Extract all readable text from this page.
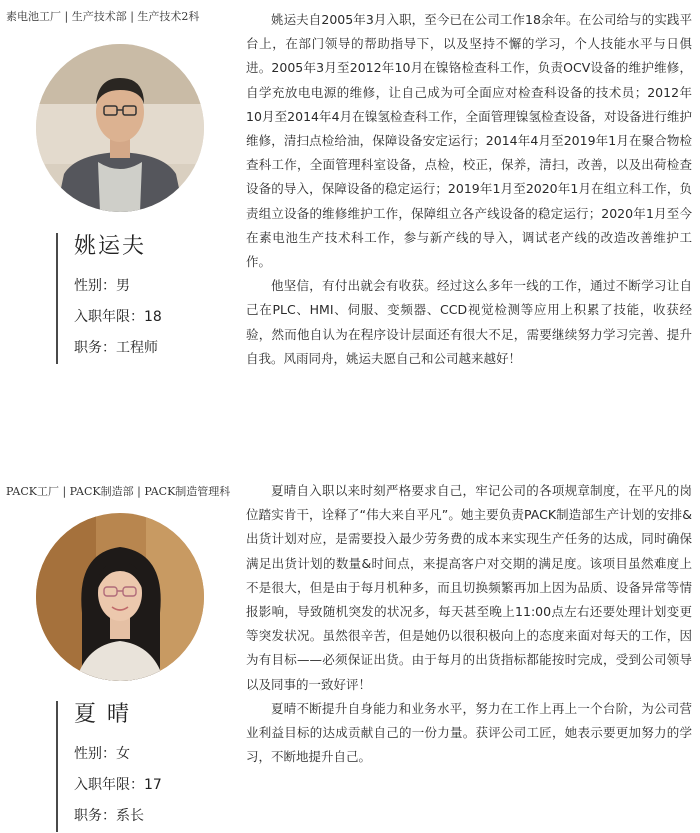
素电池工厂 | 生产技术部 | 生产技术2科
姚运夫
性别：男
入职年限：18
职务：工程师

姚运夫自2005年3月入职，至今已在公司工作18余年。在公司给与的实践平台上，在部门领导的帮助指导下，以及坚持不懈的学习，个人技能水平与日俱进。2005年3月至2012年10月在镍铬检查科工作，负责OCV设备的维护维修，自学充放电电源的维修，让自己成为可全面应对检查科设备的技术员；2012年10月至2014年4月在镍氢检查科工作，全面管理镍氢检查设备，对设备进行维护维修，清扫点检给油，保障设备安定运行；2014年4月至2019年1月在聚合物检查科工作，全面管理科室设备，点检，校正，保养，清扫，改善，以及出荷检查设备的导入，保障设备的稳定运行；2019年1月至2020年1月在组立科工作，负责组立设备的维修维护工作，保障组立各产线设备的稳定运行；2020年1月至今在素电池生产技术科工作，参与新产线的导入，调试老产线的改造改善维护工作。

他坚信，有付出就会有收获。经过这么多年一线的工作，通过不断学习让自己在PLC、HMI、伺服、变频器、CCD视觉检测等应用上积累了技能，收获经验，然而他自认为在程序设计层面还有很大不足，需要继续努力学习完善、提升自我。风雨同舟，姚运夫愿自己和公司越来越好！

PACK工厂 | PACK制造部 | PACK制造管理科
夏 晴
性别：女
入职年限：17
职务：系长

夏晴自入职以来时刻严格要求自己，牢记公司的各项规章制度，在平凡的岗位踏实肯干，诠释了“伟大来自平凡”。她主要负责PACK制造部生产计划的安排&出货计划对应，是需要投入最少劳务费的成本来实现生产任务的达成，同时确保满足出货计划的数量&时间点，来提高客户对交期的满足度。该项目虽然难度上不是很大，但是由于每月机种多，而且切换频繁再加上因为品质、设备异常等情报影响，导致随机突发的状况多，每天甚至晚上11:00点左右还要处理计划变更等突发状况。虽然很辛苦，但是她仍以很积极向上的态度来面对每天的工作，因为有目标——必须保证出货。由于每月的出货指标都能按时完成，受到公司领导以及同事的一致好评！

夏晴不断提升自身能力和业务水平，努力在工作上再上一个台阶，为公司营业利益目标的达成贡献自己的一份力量。获评公司工匠，她表示要更加努力的学习，不断地提升自己。
